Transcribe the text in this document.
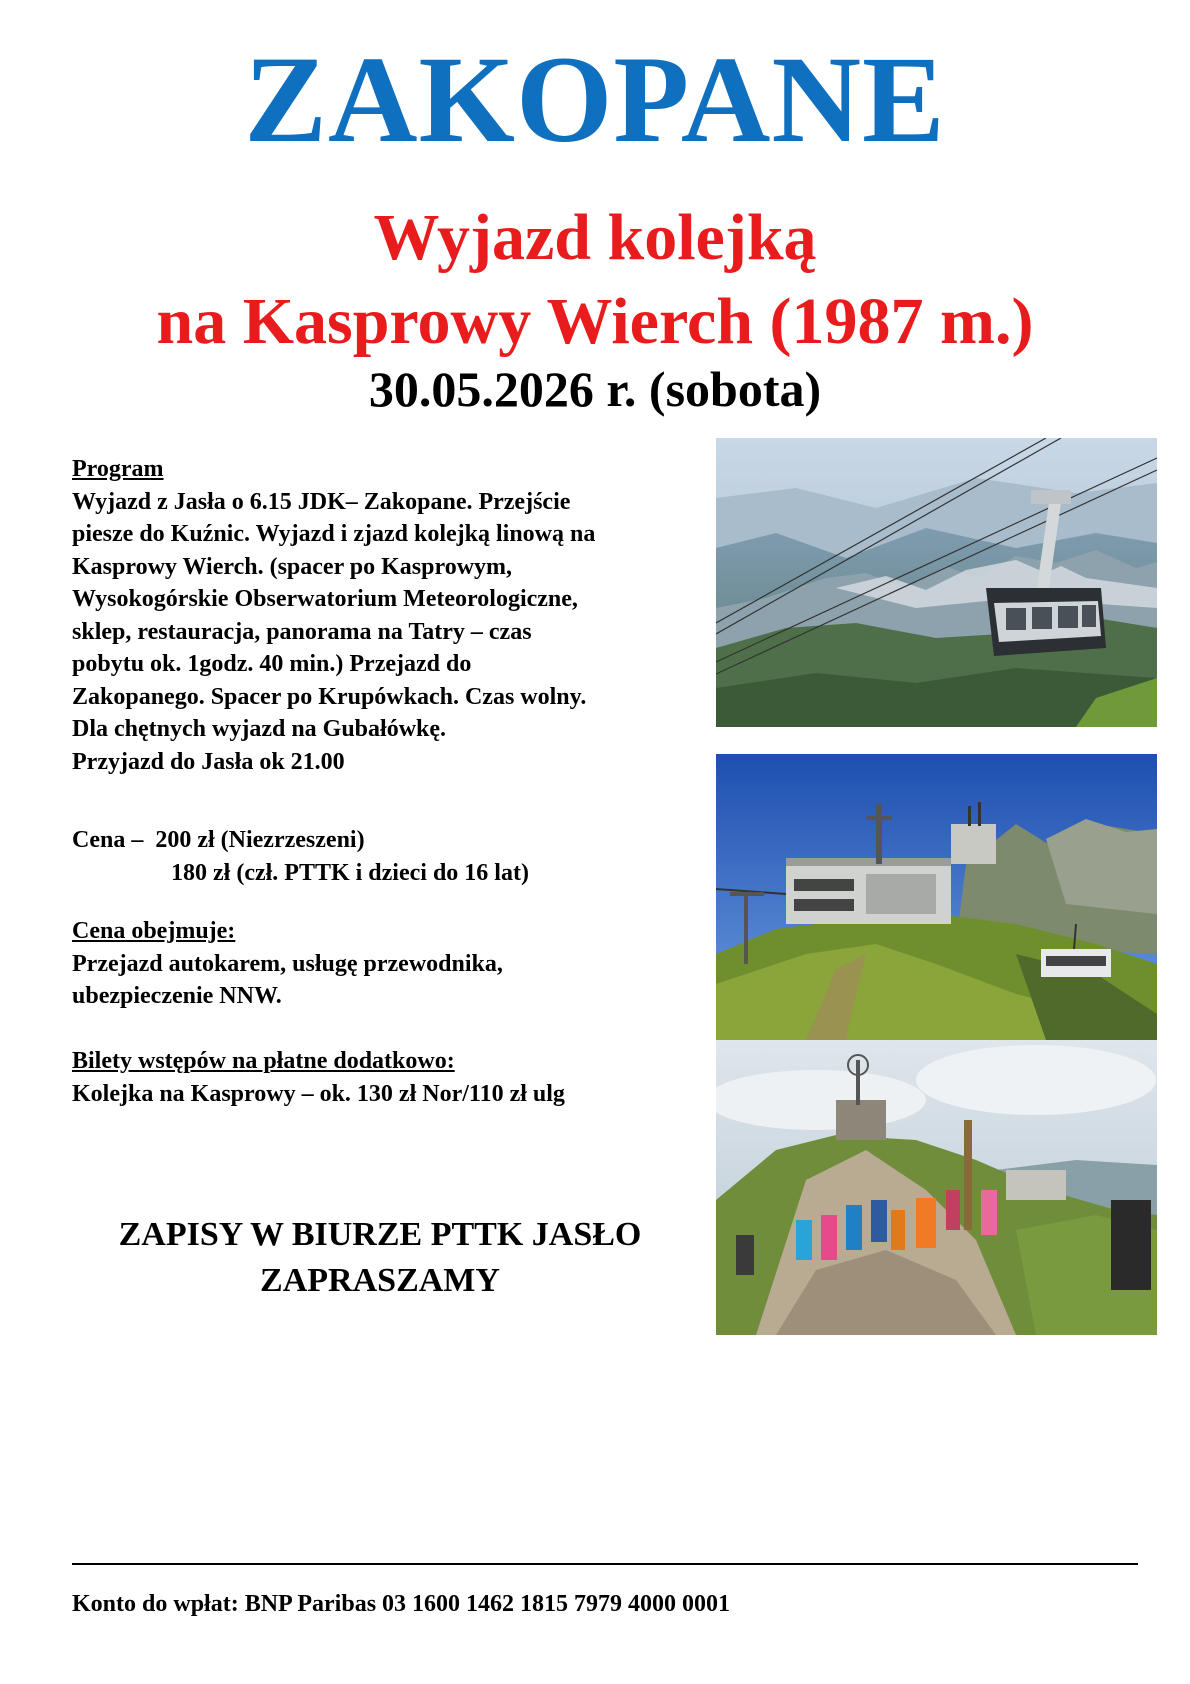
ZAKOPANE
Wyjazd kolejką
na Kasprowy Wierch (1987 m.)
30.05.2026 r. (sobota)
Program
Wyjazd z Jasła o 6.15 JDK– Zakopane. Przejście
piesze do Kuźnic. Wyjazd i zjazd kolejką linową na
Kasprowy Wierch. (spacer po Kasprowym,
Wysokogórskie Obserwatorium Meteorologiczne,
sklep, restauracja, panorama na Tatry – czas
pobytu ok. 1godz. 40 min.) Przejazd do
Zakopanego. Spacer po Krupówkach. Czas wolny.
Dla chętnych wyjazd na Gubałówkę.
Przyjazd do Jasła ok 21.00
Cena – 200 zł (Niezrzeszeni)
180 zł (czł. PTTK i dzieci do 16 lat)
Cena obejmuje:
Przejazd autokarem, usługę przewodnika,
ubezpieczenie NNW.
Bilety wstępów na płatne dodatkowo:
Kolejka na Kasprowy – ok. 130 zł Nor/110 zł ulg
ZAPISY W BIURZE PTTK JASŁO
ZAPRASZAMY
Konto do wpłat: BNP Paribas 03 1600 1462 1815 7979 4000 0001
